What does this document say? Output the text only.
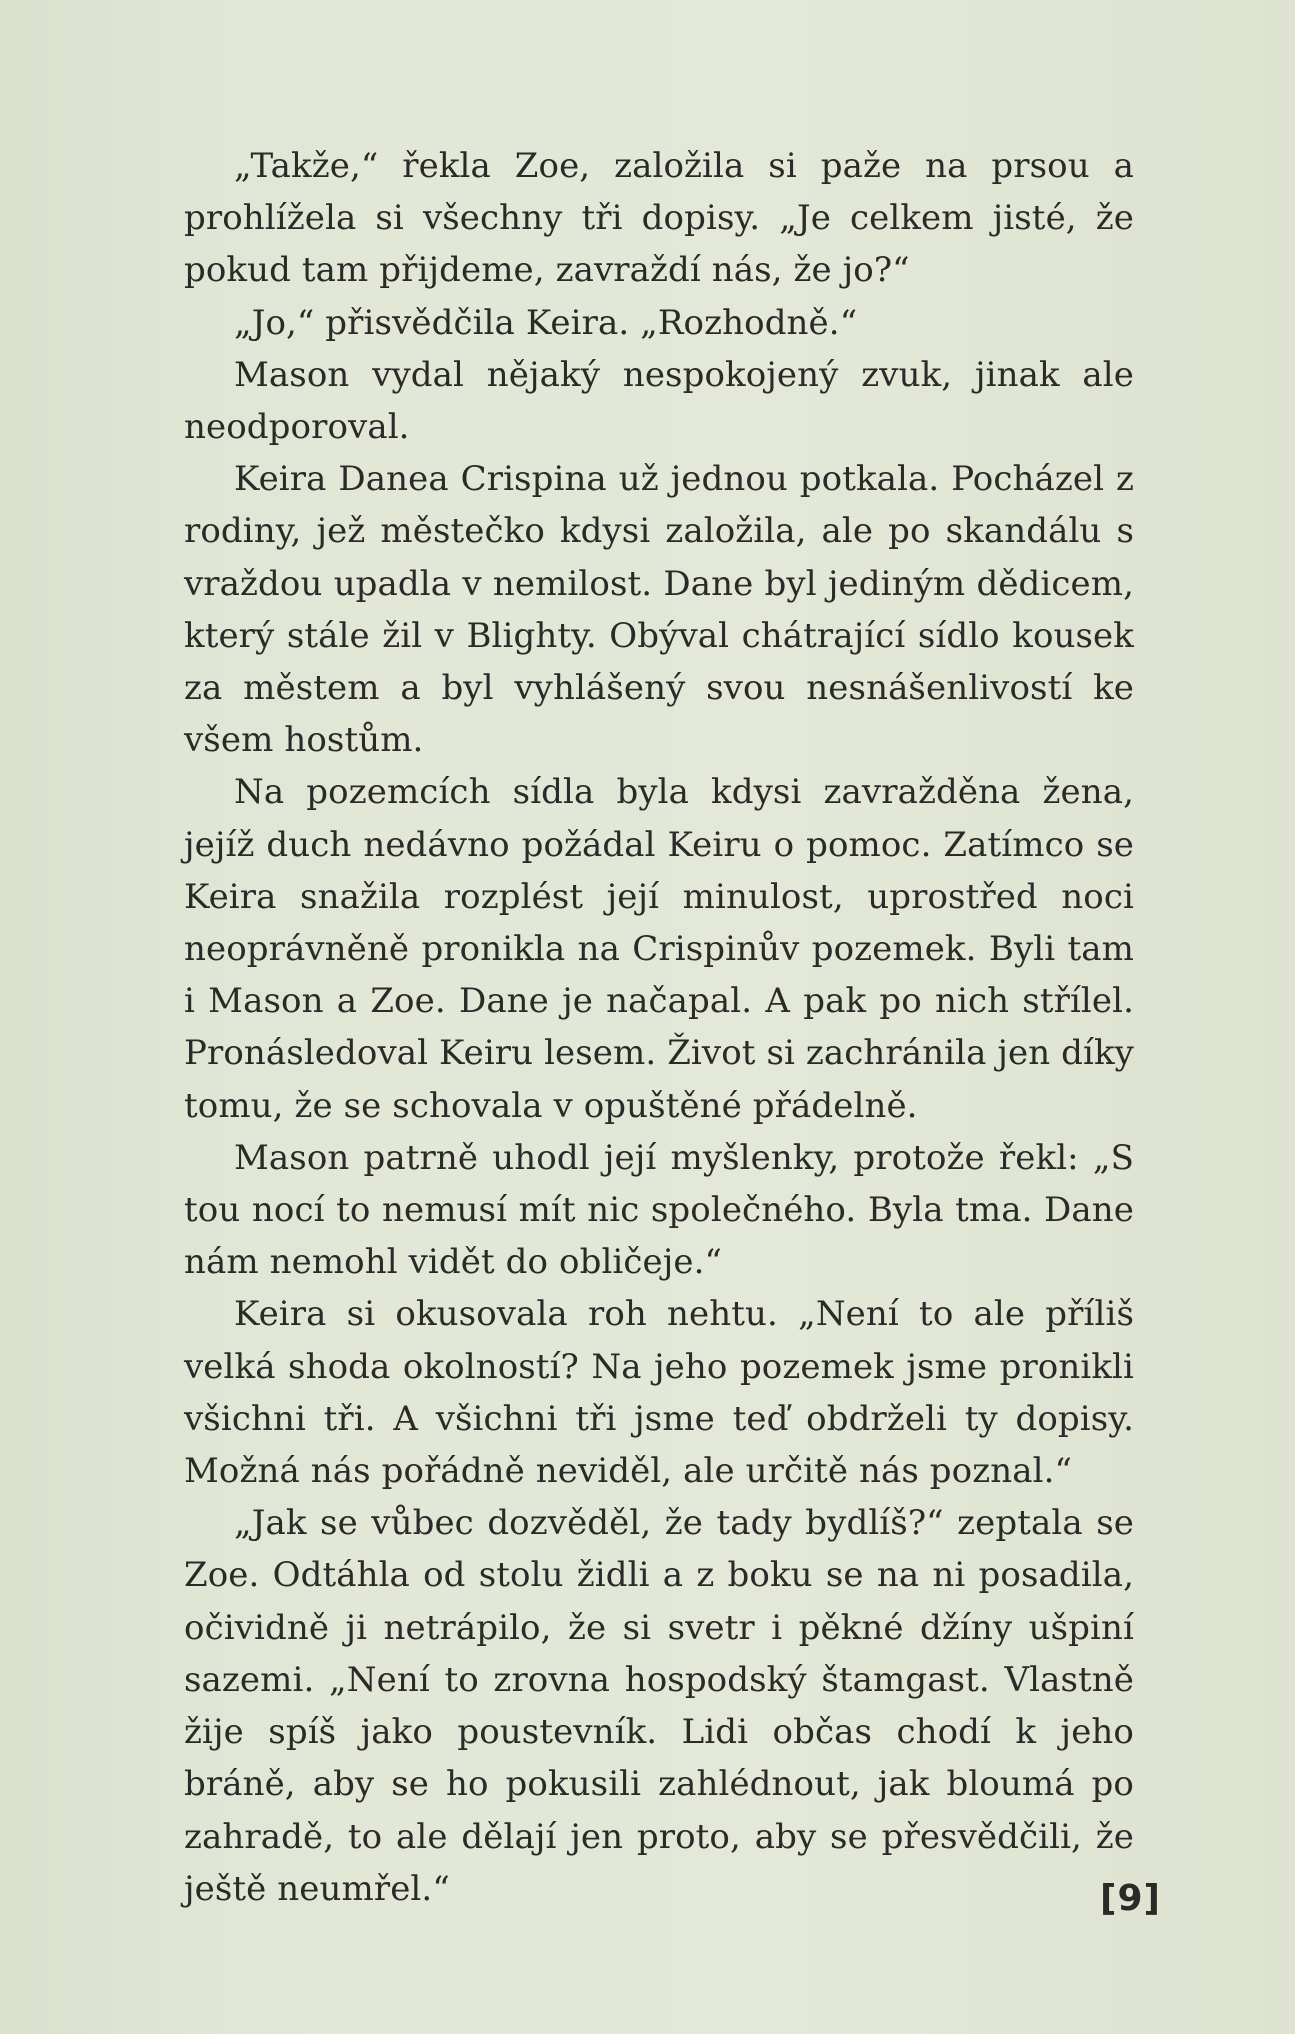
„Takže,“ řekla Zoe, založila si paže na prsou a prohlížela si všechny tři dopisy. „Je celkem jisté, že pokud tam přijdeme, zavraždí nás, že jo?“

„Jo,“ přisvědčila Keira. „Rozhodně.“

Mason vydal nějaký nespokojený zvuk, jinak ale neodporoval.

Keira Danea Crispina už jednou potkala. Pocházel z rodiny, jež městečko kdysi založila, ale po skandálu s vraždou upadla v nemilost. Dane byl jediným dědicem, který stále žil v Blighty. Obýval chátrající sídlo kousek za městem a byl vyhlášený svou nesnášenlivostí ke všem hostům.

Na pozemcích sídla byla kdysi zavražděna žena, jejíž duch nedávno požádal Keiru o pomoc. Zatímco se Keira snažila rozplést její minulost, uprostřed noci neoprávněně pronikla na Crispinův pozemek. Byli tam i Mason a Zoe. Dane je načapal. A pak po nich střílel. Pronásledoval Keiru lesem. Život si zachránila jen díky tomu, že se schovala v opuštěné přádelně.

Mason patrně uhodl její myšlenky, protože řekl: „S tou nocí to nemusí mít nic společného. Byla tma. Dane nám nemohl vidět do obličeje.“

Keira si okusovala roh nehtu. „Není to ale příliš velká shoda okolností? Na jeho pozemek jsme pronikli všichni tři. A všichni tři jsme teď obdrželi ty dopisy. Možná nás pořádně neviděl, ale určitě nás poznal.“

„Jak se vůbec dozvěděl, že tady bydlíš?“ zeptala se Zoe. Odtáhla od stolu židli a z boku se na ni posadila, očividně ji netrápilo, že si svetr i pěkné džíny ušpiní sazemi. „Není to zrovna hospodský štamgast. Vlastně žije spíš jako poustevník. Lidi občas chodí k jeho bráně, aby se ho pokusili zahlédnout, jak bloumá po zahradě, to ale dělají jen proto, aby se přesvědčili, že ještě neumřel.“	[9]
